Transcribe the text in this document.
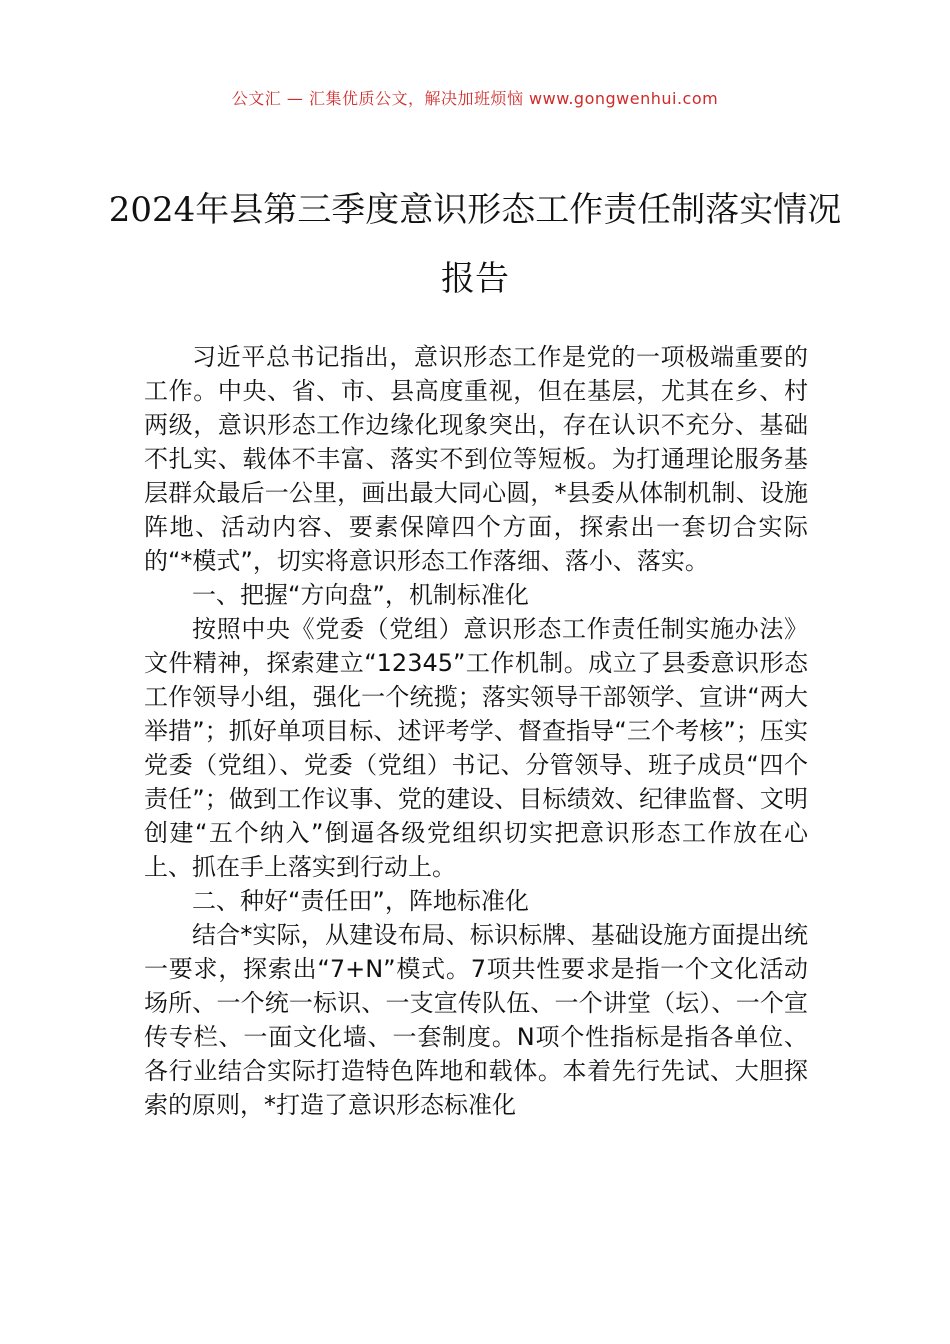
公文汇 — 汇集优质公文，解决加班烦恼 www.gongwenhui.com
2024年县第三季度意识形态工作责任制落实情况报告

习近平总书记指出，意识形态工作是党的一项极端重要的工作。中央、省、市、县高度重视，但在基层，尤其在乡、村两级，意识形态工作边缘化现象突出，存在认识不充分、基础不扎实、载体不丰富、落实不到位等短板。为打通理论服务基层群众最后一公里，画出最大同心圆，*县委从体制机制、设施阵地、活动内容、要素保障四个方面，探索出一套切合实际的“*模式”，切实将意识形态工作落细、落小、落实。

一、把握“方向盘”，机制标准化

按照中央《党委（党组）意识形态工作责任制实施办法》文件精神，探索建立“12345”工作机制。成立了县委意识形态工作领导小组，强化一个统揽；落实领导干部领学、宣讲“两大举措”；抓好单项目标、述评考学、督查指导“三个考核”；压实党委（党组）、党委（党组）书记、分管领导、班子成员“四个责任”；做到工作议事、党的建设、目标绩效、纪律监督、文明创建“五个纳入”倒逼各级党组织切实把意识形态工作放在心上、抓在手上落实到行动上。

二、种好“责任田”，阵地标准化

结合*实际，从建设布局、标识标牌、基础设施方面提出统一要求，探索出“7+N”模式。7项共性要求是指一个文化活动场所、一个统一标识、一支宣传队伍、一个讲堂（坛）、一个宣传专栏、一面文化墙、一套制度。N项个性指标是指各单位、各行业结合实际打造特色阵地和载体。本着先行先试、大胆探索的原则，*打造了意识形态标准化
